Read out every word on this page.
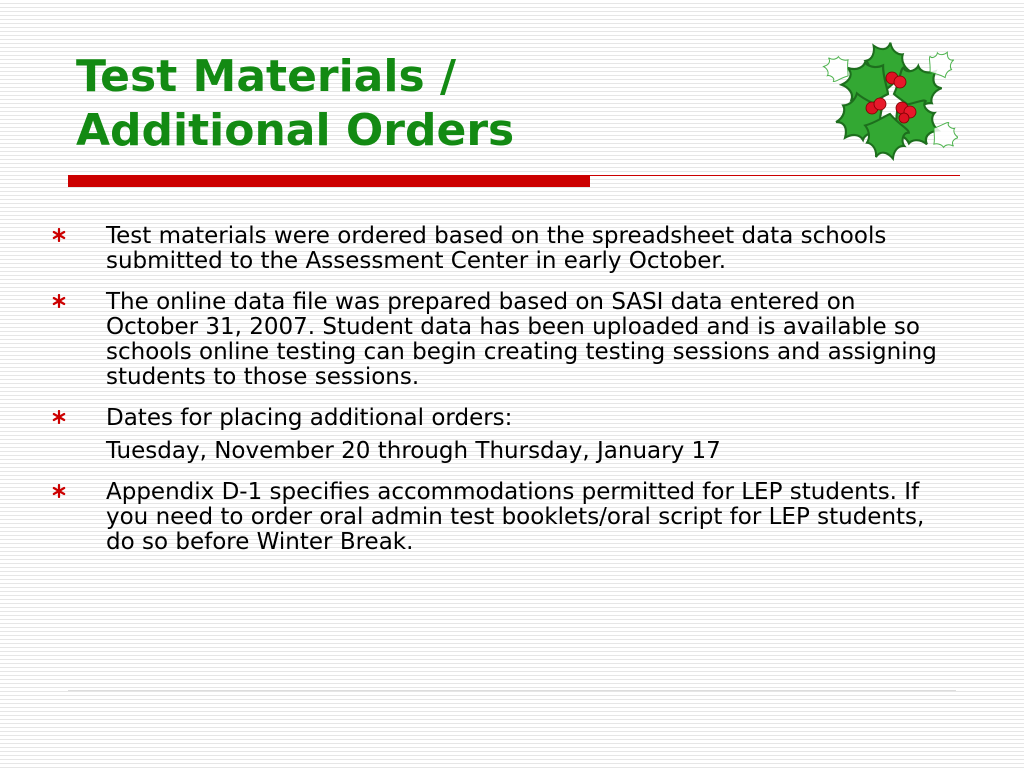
Test Materials /
Additional Orders
Test materials were ordered based on the spreadsheet data schools submitted to the Assessment Center in early October.
The online data file was prepared based on SASI data entered on October 31, 2007. Student data has been uploaded and is available so schools online testing can begin creating testing sessions and assigning students to those sessions.
Dates for placing additional orders:
Tuesday, November 20 through Thursday, January 17
Appendix D-1 specifies accommodations permitted for LEP students. If you need to order oral admin test booklets/oral script for LEP students, do so before Winter Break.
